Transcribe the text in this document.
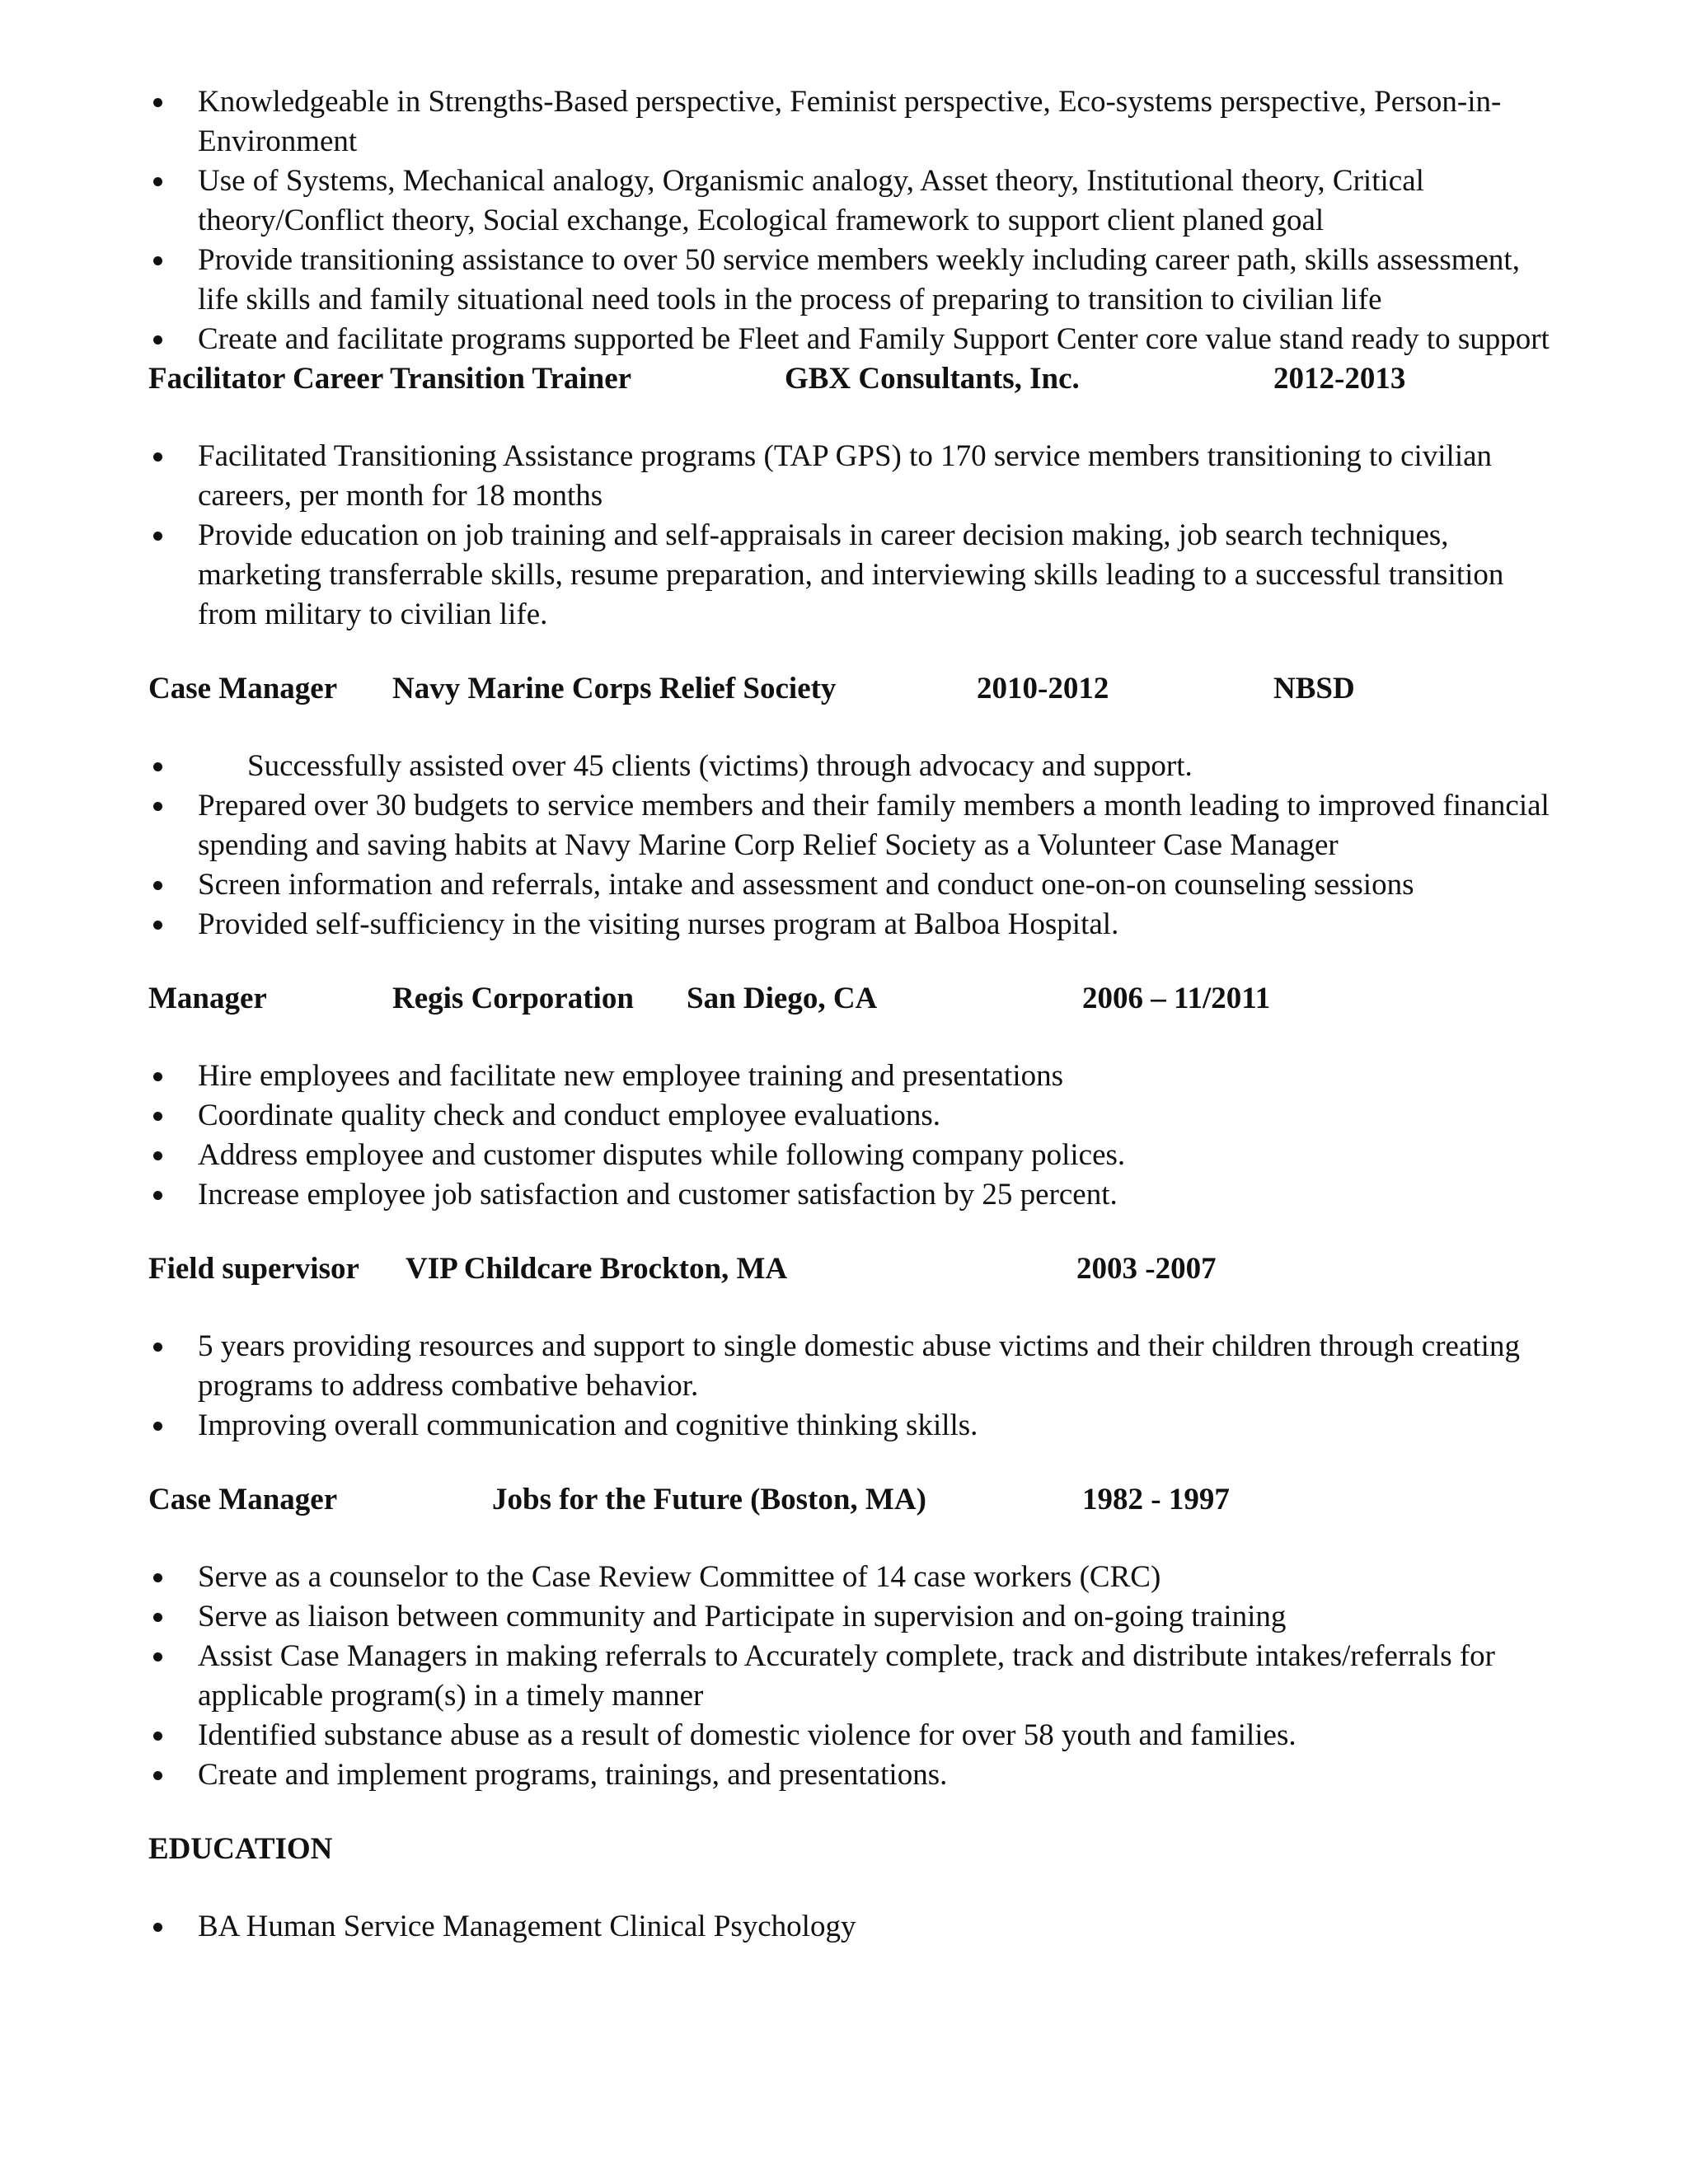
Knowledgeable in Strengths-Based perspective, Feminist perspective, Eco-systems perspective, Person-in-Environment
Use of Systems, Mechanical analogy, Organismic analogy, Asset theory, Institutional theory, Critical theory/Conflict theory, Social exchange, Ecological framework to support client planed goal
Provide transitioning assistance to over 50 service members weekly including career path, skills assessment, life skills and family situational need tools in the process of preparing to transition to civilian life
Create and facilitate programs supported be Fleet and Family Support Center core value stand ready to support
Facilitator Career Transition Trainer	GBX Consultants, Inc.	2012-2013
Facilitated Transitioning Assistance programs (TAP GPS) to 170 service members transitioning to civilian careers, per month for 18 months
Provide education on job training and self-appraisals in career decision making, job search techniques, marketing transferrable skills, resume preparation, and interviewing skills leading to a successful transition from military to civilian life.
Case Manager Navy Marine Corps Relief Society	2010-2012	NBSD
Successfully assisted over 45 clients (victims) through advocacy and support.
Prepared over 30 budgets to service members and their family members a month leading to improved financial spending and saving habits at Navy Marine Corp Relief Society as a Volunteer Case Manager
Screen information and referrals, intake and assessment and conduct one-on-on counseling sessions
Provided self-sufficiency in the visiting nurses program at Balboa Hospital.
Manager	Regis Corporation San Diego, CA	2006 – 11/2011
Hire employees and facilitate new employee training and presentations
Coordinate quality check and conduct employee evaluations.
Address employee and customer disputes while following company polices.
Increase employee job satisfaction and customer satisfaction by 25 percent.
Field supervisor VIP Childcare Brockton, MA	2003 -2007
5 years providing resources and support to single domestic abuse victims and their children through creating programs to address combative behavior.
Improving overall communication and cognitive thinking skills.
Case Manager	Jobs for the Future (Boston, MA)	1982 - 1997
Serve as a counselor to the Case Review Committee of 14 case workers (CRC)
Serve as liaison between community and Participate in supervision and on-going training
Assist Case Managers in making referrals to Accurately complete, track and distribute intakes/referrals for applicable program(s) in a timely manner
Identified substance abuse as a result of domestic violence for over 58 youth and families.
Create and implement programs, trainings, and presentations.
EDUCATION
BA Human Service Management Clinical Psychology
